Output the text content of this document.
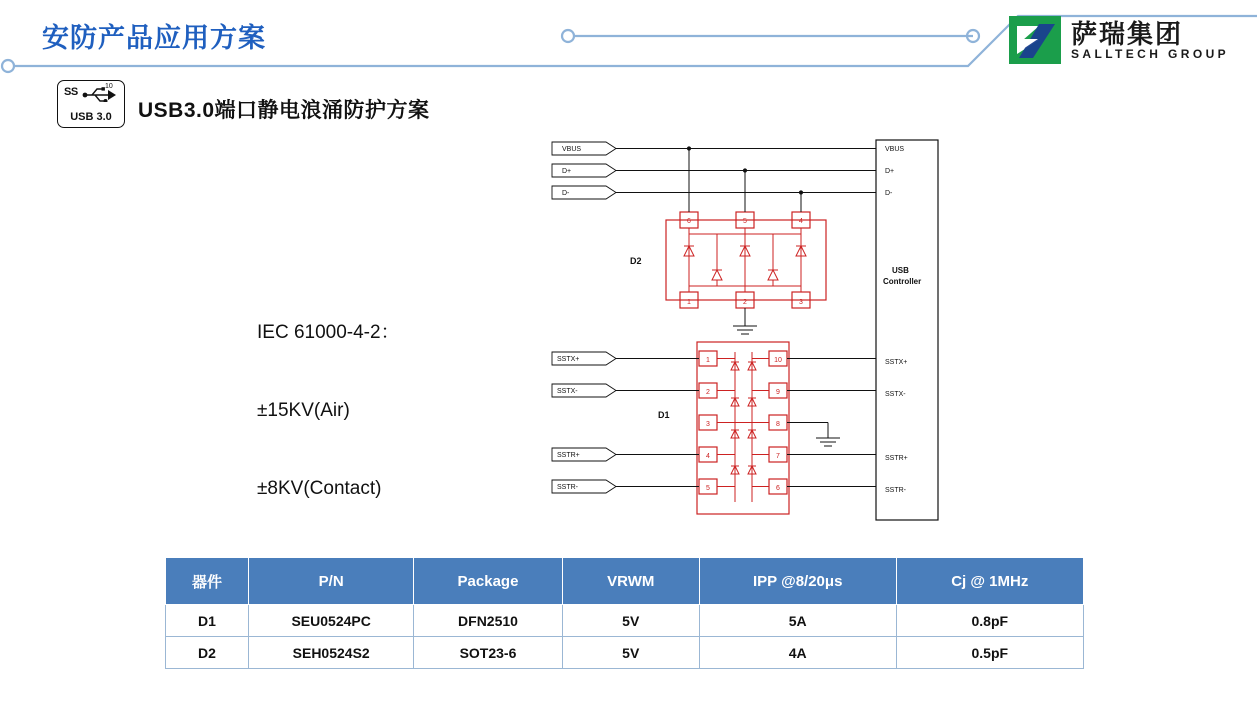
安防产品应用方案	萨瑞集团
SALLTECH GROUP
SS	10
USB 3.0	USB3.0端口静电浪涌防护方案

IEC 61000-4-2：

±15KV(Air)

±8KV(Contact)

VBUS
D+
D-
VBUS
D+
D-
USB
Controller
SSTX+
SSTX-
SSTR+
SSTR-
6	5	4
1	2	3
D2
SSTX+
SSTX-
SSTR+
SSTR-
1
2
3
4
5
10
9
8
7
6
D1
器件	P/N	Package	VRWM	IPP @8/20μs	Cj @ 1MHz
D1	SEU0524PC	DFN2510	5V	5A	0.8pF
D2	SEH0524S2	SOT23-6	5V	4A	0.5pF
